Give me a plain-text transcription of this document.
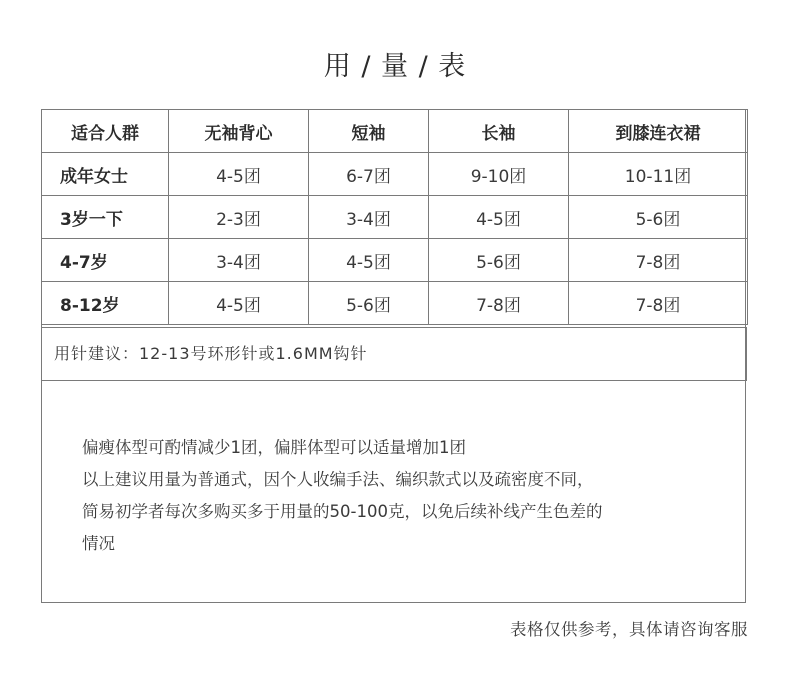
用 / 量 / 表
适合人群	无袖背心	短袖	长袖	到膝连衣裙
成年女士	4-5团	6-7团	9-10团	10-11团
3岁一下	2-3团	3-4团	4-5团	5-6团
4-7岁	3-4团	4-5团	5-6团	7-8团
8-12岁	4-5团	5-6团	7-8团	7-8团
用针建议：12-13号环形针或1.6MM钩针
偏瘦体型可酌情减少1团，偏胖体型可以适量增加1团
以上建议用量为普通式，因个人收编手法、编织款式以及疏密度不同，
简易初学者每次多购买多于用量的50-100克，以免后续补线产生色差的
情况
表格仅供参考，具体请咨询客服
